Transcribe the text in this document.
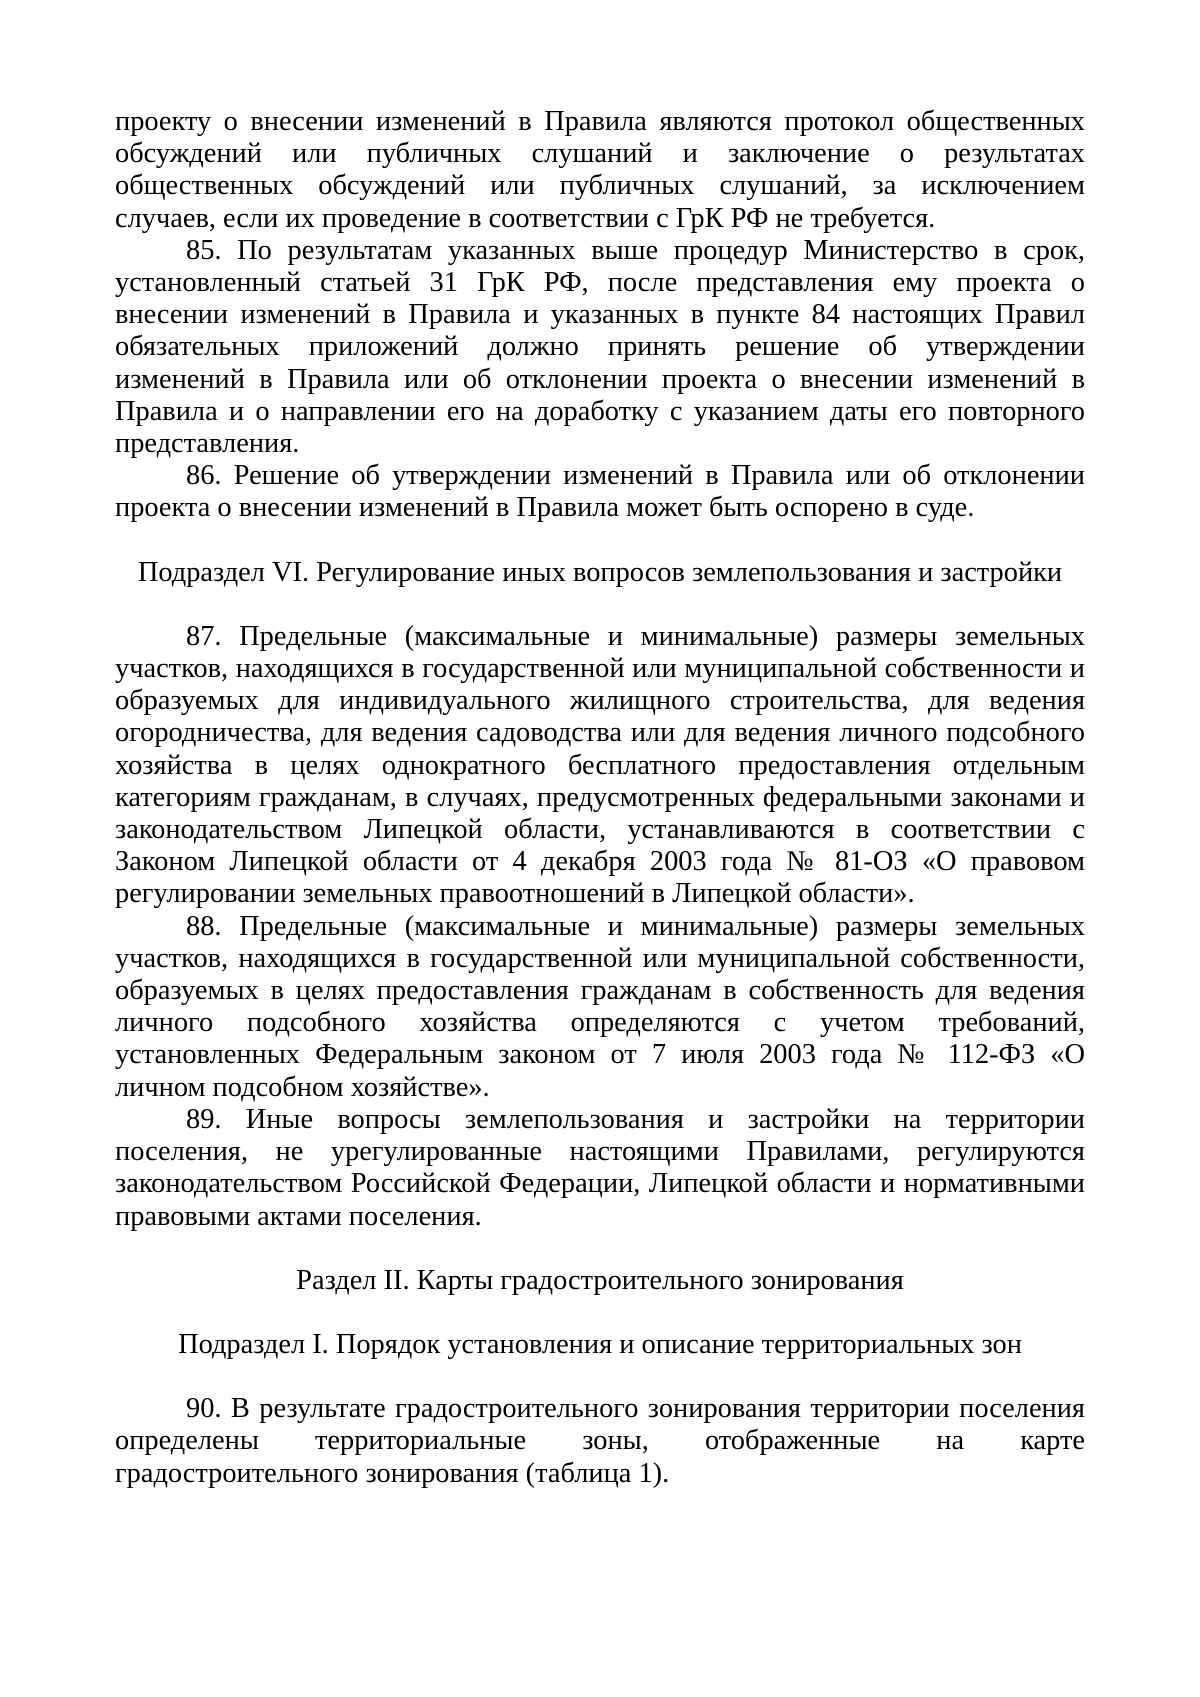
проекту о внесении изменений в Правила являются протокол общественных обсуждений или публичных слушаний и заключение о результатах общественных обсуждений или публичных слушаний, за исключением случаев, если их проведение в соответствии с ГрК РФ не требуется.

85. По результатам указанных выше процедур Министерство в срок, установленный статьей 31 ГрК РФ, после представления ему проекта о внесении изменений в Правила и указанных в пункте 84 настоящих Правил обязательных приложений должно принять решение об утверждении изменений в Правила или об отклонении проекта о внесении изменений в Правила и о направлении его на доработку с указанием даты его повторного представления.

86. Решение об утверждении изменений в Правила или об отклонении проекта о внесении изменений в Правила может быть оспорено в суде.

Подраздел VI. Регулирование иных вопросов землепользования и застройки

87. Предельные (максимальные и минимальные) размеры земельных участков, находящихся в государственной или муниципальной собственности и образуемых для индивидуального жилищного строительства, для ведения огородничества, для ведения садоводства или для ведения личного подсобного хозяйства в целях однократного бесплатного предоставления отдельным категориям гражданам, в случаях, предусмотренных федеральными законами и законодательством Липецкой области, устанавливаются в соответствии с Законом Липецкой области от 4 декабря 2003 года № 81-ОЗ «О правовом регулировании земельных правоотношений в Липецкой области».

88. Предельные (максимальные и минимальные) размеры земельных участков, находящихся в государственной или муниципальной собственности, образуемых в целях предоставления гражданам в собственность для ведения личного подсобного хозяйства определяются с учетом требований, установленных Федеральным законом от 7 июля 2003 года № 112-ФЗ «О личном подсобном хозяйстве».

89. Иные вопросы землепользования и застройки на территории поселения, не урегулированные настоящими Правилами, регулируются законодательством Российской Федерации, Липецкой области и нормативными правовыми актами поселения.

Раздел II. Карты градостроительного зонирования
Подраздел I. Порядок установления и описание территориальных зон

90. В результате градостроительного зонирования территории поселения определены территориальные зоны, отображенные на карте градостроительного зонирования (таблица 1).
